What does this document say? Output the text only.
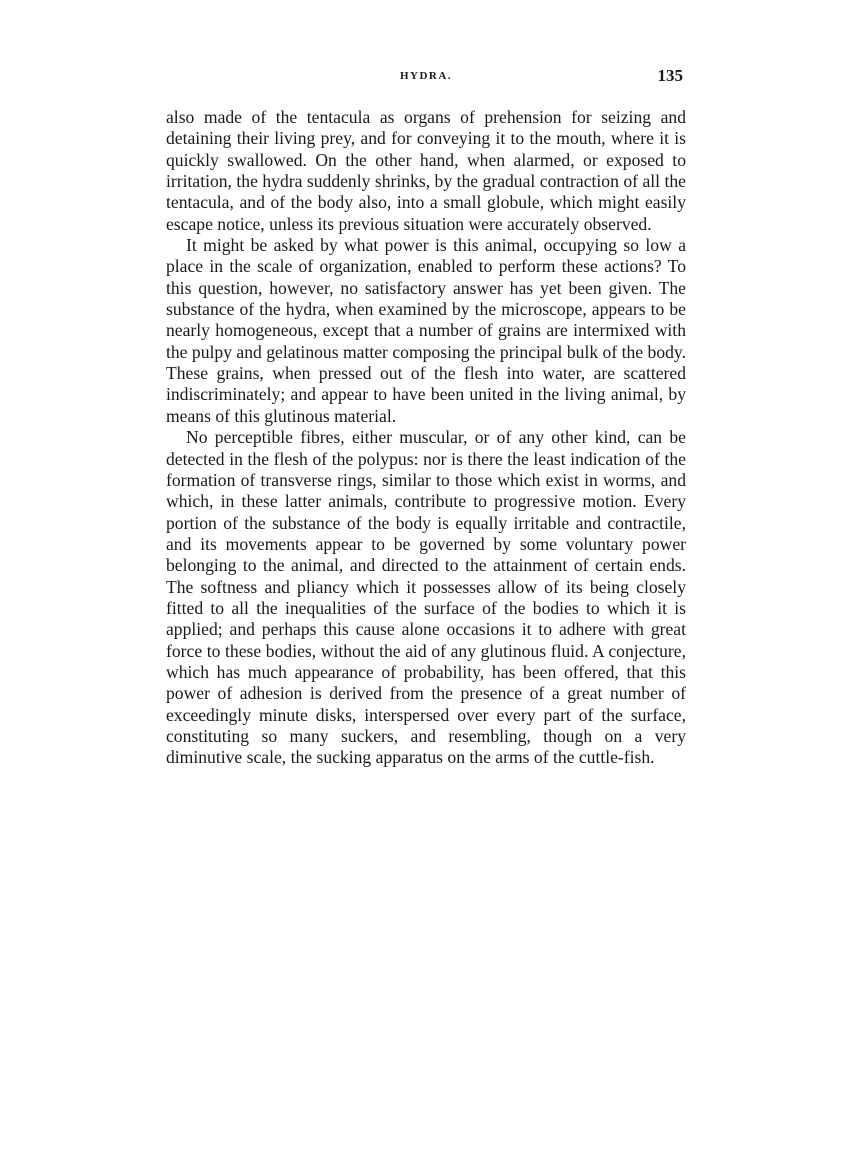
HYDRA.	135

also made of the tentacula as organs of prehension for seizing and detaining their living prey, and for conveying it to the mouth, where it is quickly swallowed. On the other hand, when alarmed, or exposed to irritation, the hydra suddenly shrinks, by the gradual contraction of all the tentacula, and of the body also, into a small globule, which might easily escape notice, unless its previous situation were accurately observed.

It might be asked by what power is this animal, occupying so low a place in the scale of organization, enabled to perform these actions? To this question, however, no satisfactory answer has yet been given. The substance of the hydra, when examined by the microscope, appears to be nearly homogeneous, except that a number of grains are intermixed with the pulpy and gelatinous matter composing the principal bulk of the body. These grains, when pressed out of the flesh into water, are scattered indiscriminately; and appear to have been united in the living animal, by means of this glutinous material.

No perceptible fibres, either muscular, or of any other kind, can be detected in the flesh of the polypus: nor is there the least indication of the formation of transverse rings, similar to those which exist in worms, and which, in these latter animals, contribute to progressive motion. Every portion of the substance of the body is equally irritable and contractile, and its movements appear to be governed by some voluntary power belonging to the animal, and directed to the attainment of certain ends. The softness and pliancy which it possesses allow of its being closely fitted to all the inequalities of the surface of the bodies to which it is applied; and perhaps this cause alone occasions it to adhere with great force to these bodies, without the aid of any glutinous fluid. A conjecture, which has much appearance of probability, has been offered, that this power of adhesion is derived from the presence of a great number of exceedingly minute disks, interspersed over every part of the surface, constituting so many suckers, and resembling, though on a very diminutive scale, the sucking apparatus on the arms of the cuttle-fish.
